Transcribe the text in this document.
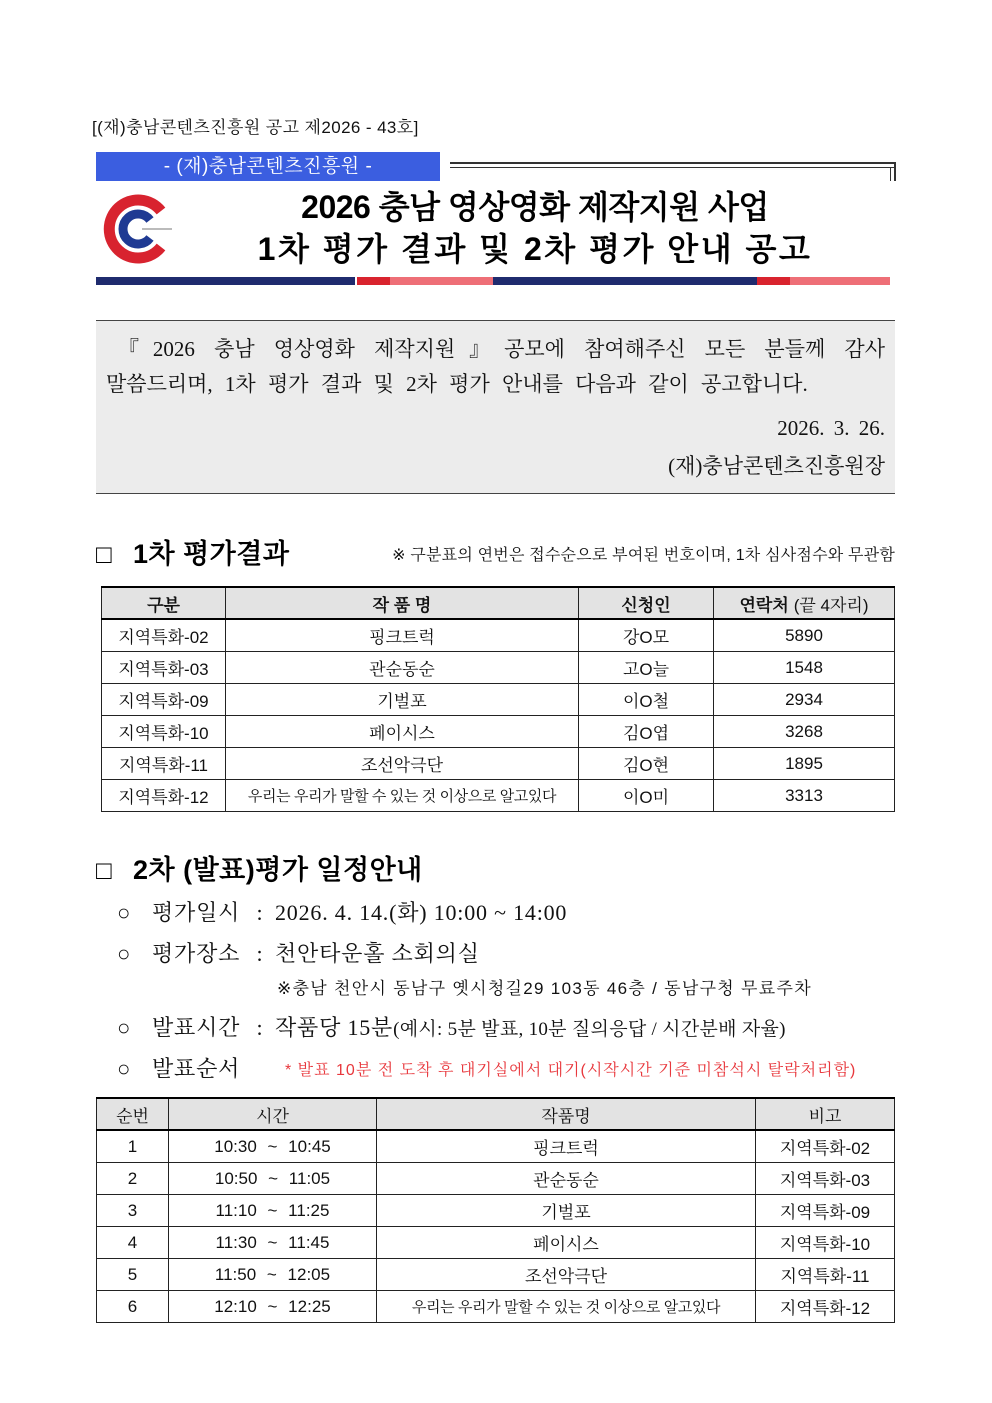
[(재)충남콘텐츠진흥원 공고 제2026 - 43호]
- (재)충남콘텐츠진흥원 -
2026 충남 영상영화 제작지원 사업
1차 평가 결과 및 2차 평가 안내 공고
『2026 충남 영상영화 제작지원』공모에 참여해주신 모든 분들께 감사
말씀드리며, 1차 평가 결과 및 2차 평가 안내를 다음과 같이 공고합니다.
2026. 3. 26.
(재)충남콘텐츠진흥원장
□ 1차 평가결과	※ 구분표의 연번은 접수순으로 부여된 번호이며, 1차 심사점수와 무관함
구분	작 품 명	신청인	연락처 (끝 4자리)
지역특화-02	핑크트럭	강O모	5890
지역특화-03	관순동순	고O늘	1548
지역특화-09	기벌포	이O철	2934
지역특화-10	페이시스	김O엽	3268
지역특화-11	조선악극단	김O현	1895
지역특화-12	우리는 우리가 말할 수 있는 것 이상으로 알고있다	이O미	3313
□ 2차 (발표)평가 일정안내
○ 평가일시 : 2026. 4. 14.(화) 10:00 ~ 14:00
○ 평가장소 : 천안타운홀 소회의실
※충남 천안시 동남구 옛시청길29 103동 46층 / 동남구청 무료주차
○ 발표시간 : 작품당 15분(예시: 5분 발표, 10분 질의응답 / 시간분배 자율)
○ 발표순서	* 발표 10분 전 도착 후 대기실에서 대기(시작시간 기준 미참석시 탈락처리함)
순번	시간	작품명	비고
1	10:30 ~ 10:45	핑크트럭	지역특화-02
2	10:50 ~ 11:05	관순동순	지역특화-03
3	11:10 ~ 11:25	기벌포	지역특화-09
4	11:30 ~ 11:45	페이시스	지역특화-10
5	11:50 ~ 12:05	조선악극단	지역특화-11
6	12:10 ~ 12:25	우리는 우리가 말할 수 있는 것 이상으로 알고있다	지역특화-12
